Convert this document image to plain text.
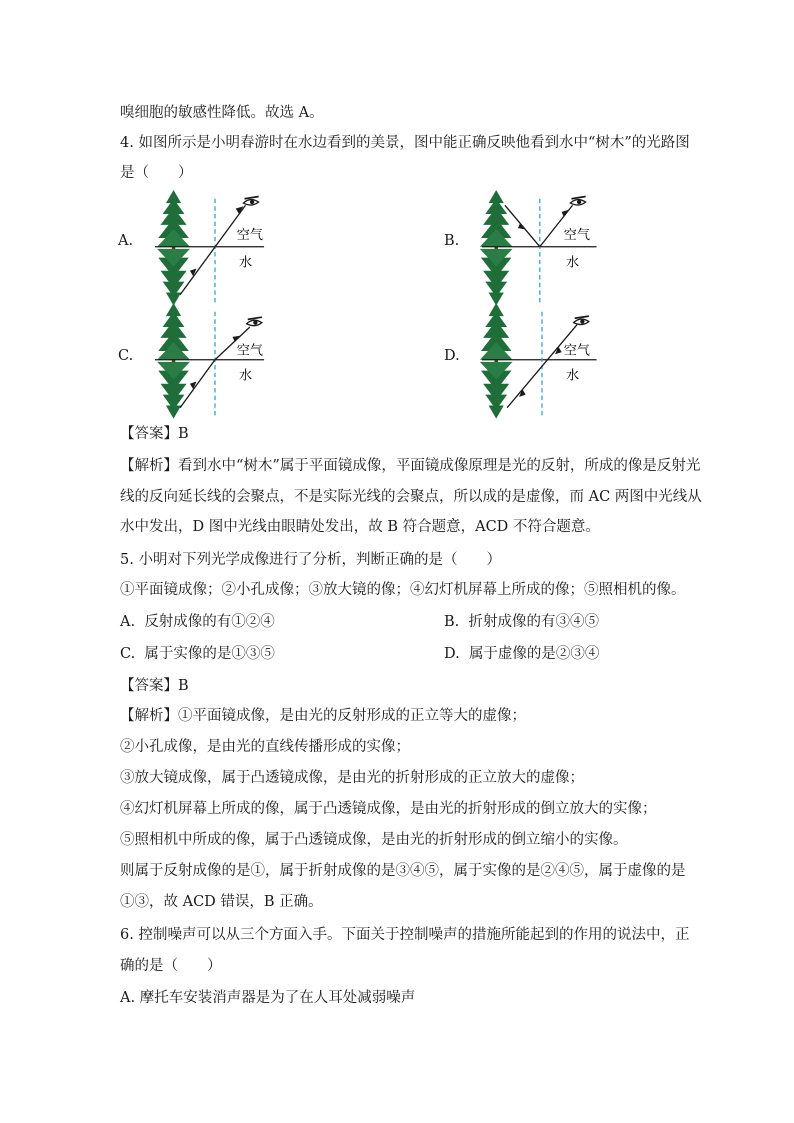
嗅细胞的敏感性降低。故选 A。
4. 如图所示是小明春游时在水边看到的美景，图中能正确反映他看到水中“树木”的光路图
是（　　）
A.	空气
水
B.	空气
水
C.	空气
水
D.	空气
水
【答案】B
【解析】看到水中“树木”属于平面镜成像，平面镜成像原理是光的反射，所成的像是反射光
线的反向延长线的会聚点，不是实际光线的会聚点，所以成的是虚像，而 AC 两图中光线从
水中发出，D 图中光线由眼睛处发出，故 B 符合题意，ACD 不符合题意。
5. 小明对下列光学成像进行了分析，判断正确的是（　　）
①平面镜成像；②小孔成像；③放大镜的像；④幻灯机屏幕上所成的像；⑤照相机的像。
A. 反射成像的有①②④	B. 折射成像的有③④⑤
C. 属于实像的是①③⑤	D. 属于虚像的是②③④
【答案】B
【解析】①平面镜成像，是由光的反射形成的正立等大的虚像；
②小孔成像，是由光的直线传播形成的实像；
③放大镜成像，属于凸透镜成像，是由光的折射形成的正立放大的虚像；
④幻灯机屏幕上所成的像，属于凸透镜成像，是由光的折射形成的倒立放大的实像；
⑤照相机中所成的像，属于凸透镜成像，是由光的折射形成的倒立缩小的实像。
则属于反射成像的是①，属于折射成像的是③④⑤，属于实像的是②④⑤，属于虚像的是
①③，故 ACD 错误，B 正确。
6. 控制噪声可以从三个方面入手。下面关于控制噪声的措施所能起到的作用的说法中，正
确的是（　　）
A. 摩托车安装消声器是为了在人耳处减弱噪声
